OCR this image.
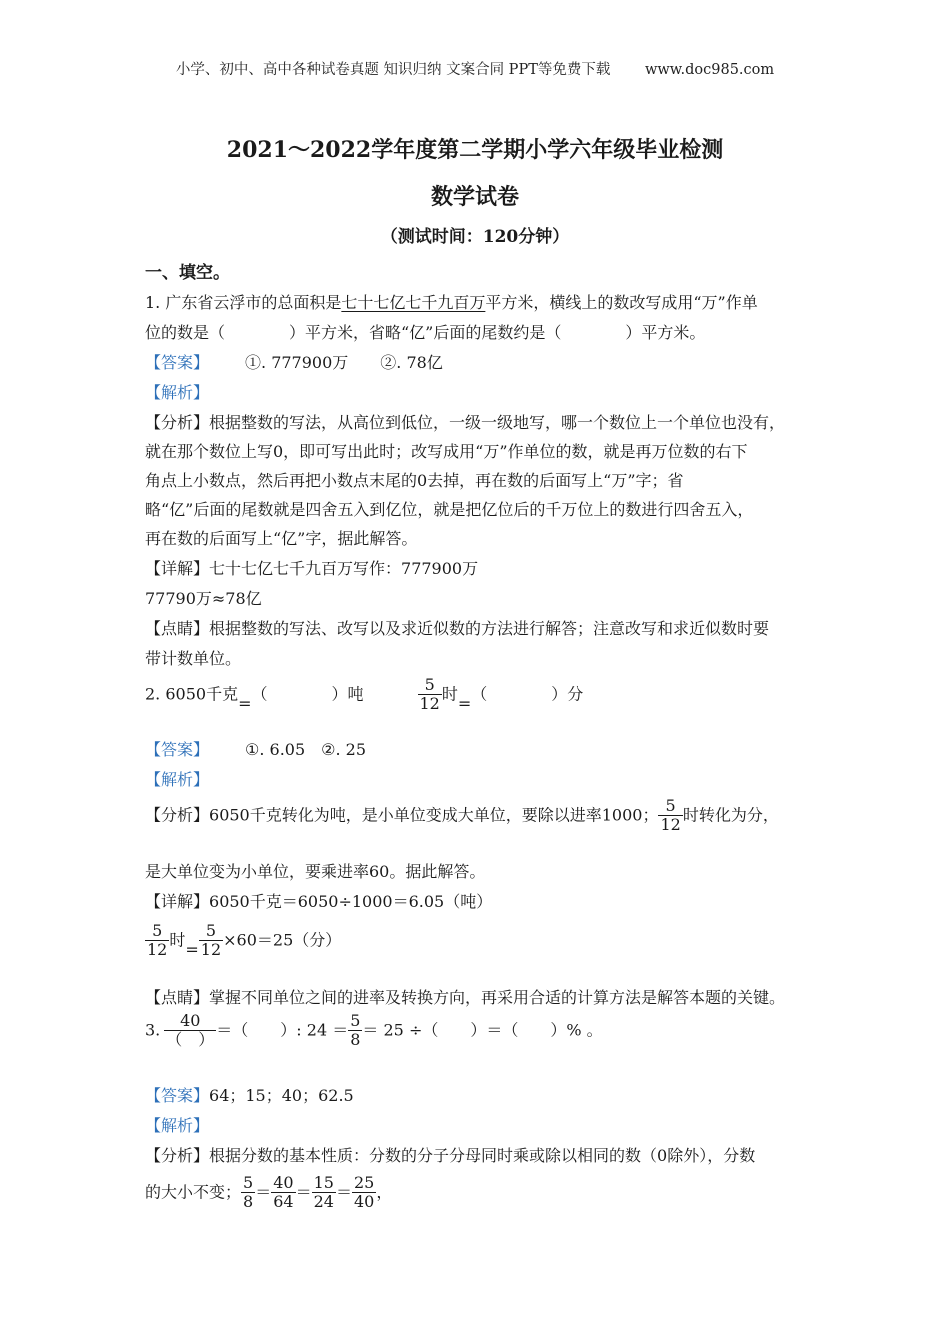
小学、初中、高中各种试卷真题 知识归纳 文案合同 PPT等免费下载 www.doc985.com
2021～2022学年度第二学期小学六年级毕业检测
数学试卷
（测试时间：120分钟）
一、填空。
1. 广东省云浮市的总面积是七十七亿七千九百万平方米，横线上的数改写成用“万”作单
位的数是（　　　　）平方米，省略“亿”后面的尾数约是（　　　　）平方米。
【答案】 ①. 777900万　　②. 78亿
【解析】
【分析】根据整数的写法，从高位到低位，一级一级地写，哪一个数位上一个单位也没有，
就在那个数位上写0，即可写出此时；改写成用“万”作单位的数，就是再万位数的右下
角点上小数点，然后再把小数点末尾的0去掉，再在数的后面写上“万”字；省
略“亿”后面的尾数就是四舍五入到亿位，就是把亿位后的千万位上的数进行四舍五入，
再在数的后面写上“亿”字，据此解答。
【详解】七十七亿七千九百万写作：777900万
77790万≈78亿
【点睛】根据整数的写法、改写以及求近似数的方法进行解答；注意改写和求近似数时要
带计数单位。
2. 6050千克=（　　　　）吨	$\frac{5}{12}$ 时=（　　　　）分
【答案】 ①. 6.05　②. 25
【解析】
【分析】6050千克转化为吨，是小单位变成大单位，要除以进率1000； $\frac{5}{12}$ 时转化为分，
是大单位变为小单位，要乘进率60。据此解答。
【详解】6050千克＝6050÷1000＝6.05（吨）
$\frac{5}{12}$ 时= $\frac{5}{12} \times 60=25$（分）
【点睛】掌握不同单位之间的进率及转换方向，再采用合适的计算方法是解答本题的关键。
3. $\frac{40}{( )}$ ＝（　　）: $24 = \frac{5}{8} = 25$ ÷（　　）＝（　　）% 。
【答案】64；15；40；62.5
【解析】
【分析】根据分数的基本性质：分数的分子分母同时乘或除以相同的数（0除外），分数
的大小不变； $\frac{5}{8} = \frac{40}{64} = \frac{15}{24} = \frac{25}{40}$ ，
